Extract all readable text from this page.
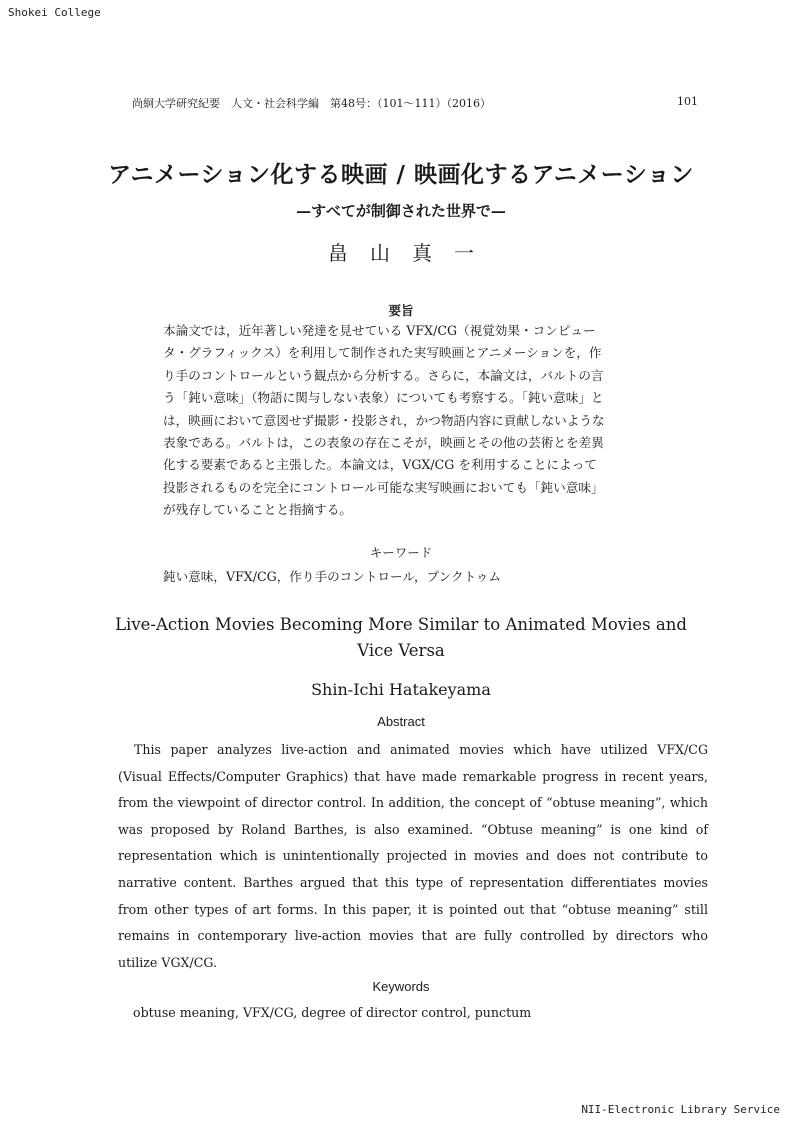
Shokei College
尚絅大学研究紀要　人文・社会科学編　第48号：（101～111）（2016）	101
アニメーション化する映画 / 映画化するアニメーション
—すべてが制御された世界で—
畠山真一
要旨
本論文では，近年著しい発達を見せている VFX/CG（視覚効果・コンピュー
タ・グラフィックス）を利用して制作された実写映画とアニメーションを，作
り手のコントロールという観点から分析する。さらに，本論文は，バルトの言
う「鈍い意味」（物語に関与しない表象）についても考察する。「鈍い意味」と
は，映画において意図せず撮影・投影され，かつ物語内容に貢献しないような
表象である。バルトは，この表象の存在こそが，映画とその他の芸術とを差異
化する要素であると主張した。本論文は，VGX/CG を利用することによって
投影されるものを完全にコントロール可能な実写映画においても「鈍い意味」
が残存していることと指摘する。
キーワード
鈍い意味，VFX/CG，作り手のコントロール，プンクトゥム
Live-Action Movies Becoming More Similar to Animated Movies and
Vice Versa
Shin-Ichi Hatakeyama
Abstract
This paper analyzes live-action and animated movies which have utilized VFX/CG
(Visual Effects/Computer Graphics) that have made remarkable progress in recent years,
from the viewpoint of director control. In addition, the concept of “obtuse meaning”, which
was proposed by Roland Barthes, is also examined. “Obtuse meaning” is one kind of
representation which is unintentionally projected in movies and does not contribute to
narrative content. Barthes argued that this type of representation differentiates movies
from other types of art forms. In this paper, it is pointed out that “obtuse meaning” still
remains in contemporary live-action movies that are fully controlled by directors who
utilize VGX/CG.
Keywords
obtuse meaning, VFX/CG, degree of director control, punctum
NII-Electronic Library Service
